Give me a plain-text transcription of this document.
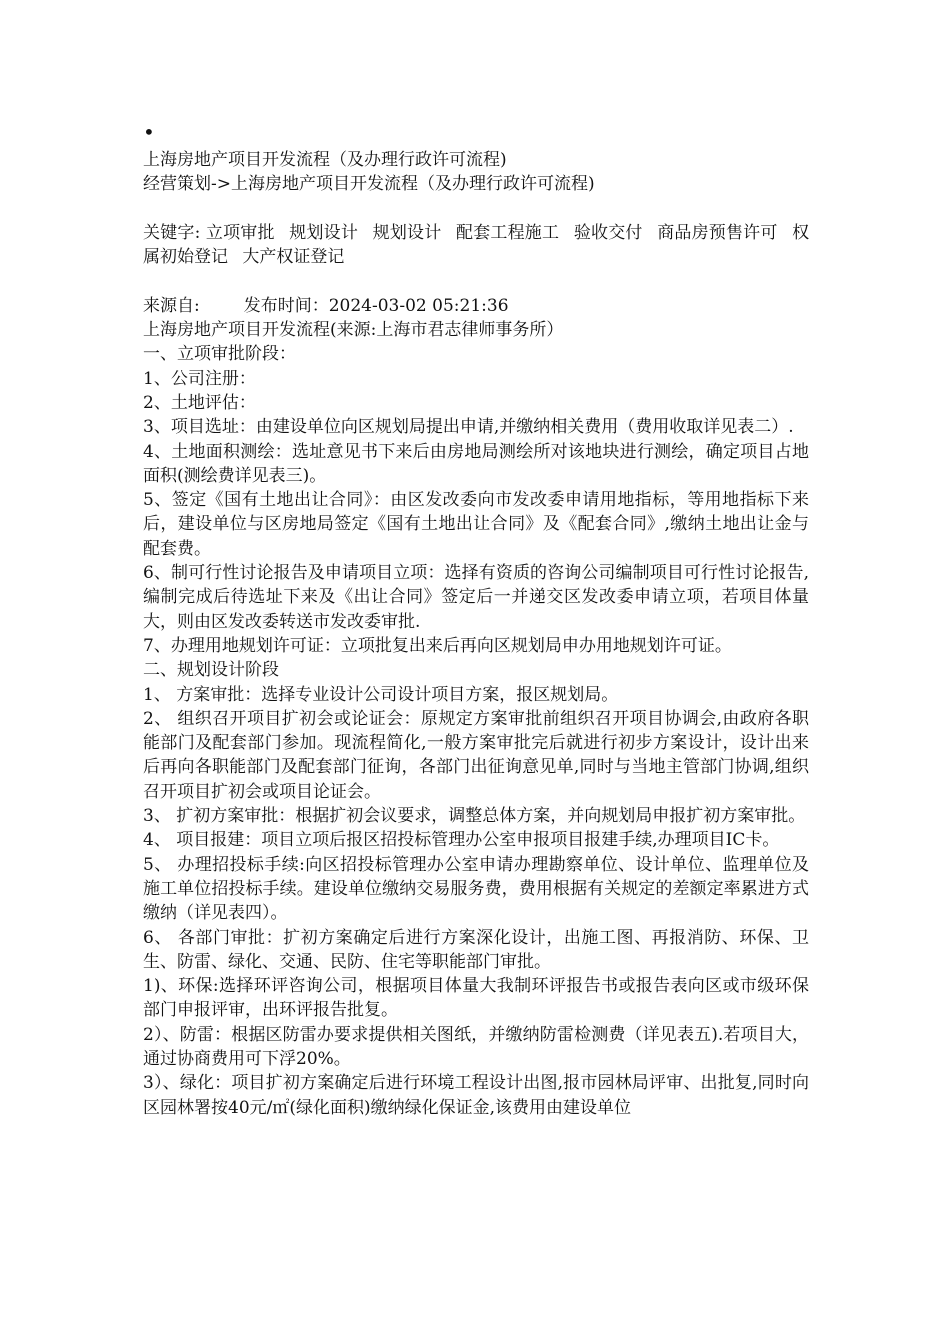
•
上海房地产项目开发流程（及办理行政许可流程)
经营策划->上海房地产项目开发流程（及办理行政许可流程)
关键字: 立项审批 规划设计 规划设计 配套工程施工 验收交付 商品房预售许可 权属初始登记 大产权证登记
来源自:	发布时间：2024-03-02 05:21:36
上海房地产项目开发流程(来源:上海市君志律师事务所）
一、立项审批阶段：
1、公司注册：
2、土地评估：
3、项目选址：由建设单位向区规划局提出申请,并缴纳相关费用（费用收取详见表二）.
4、土地面积测绘：选址意见书下来后由房地局测绘所对该地块进行测绘，确定项目占地面积(测绘费详见表三)。
5、签定《国有土地出让合同》：由区发改委向市发改委申请用地指标，等用地指标下来后，建设单位与区房地局签定《国有土地出让合同》及《配套合同》,缴纳土地出让金与配套费。
6、制可行性讨论报告及申请项目立项：选择有资质的咨询公司编制项目可行性讨论报告,编制完成后待选址下来及《出让合同》签定后一并递交区发改委申请立项，若项目体量大，则由区发改委转送市发改委审批.
7、办理用地规划许可证：立项批复出来后再向区规划局申办用地规划许可证。
二、规划设计阶段
1、 方案审批：选择专业设计公司设计项目方案，报区规划局。
2、 组织召开项目扩初会或论证会：原规定方案审批前组织召开项目协调会,由政府各职能部门及配套部门参加。现流程简化,一般方案审批完后就进行初步方案设计，设计出来后再向各职能部门及配套部门征询，各部门出征询意见单,同时与当地主管部门协调,组织召开项目扩初会或项目论证会。
3、 扩初方案审批：根据扩初会议要求，调整总体方案，并向规划局申报扩初方案审批。
4、 项目报建：项目立项后报区招投标管理办公室申报项目报建手续,办理项目IC卡。
5、 办理招投标手续:向区招投标管理办公室申请办理勘察单位、设计单位、监理单位及施工单位招投标手续。建设单位缴纳交易服务费，费用根据有关规定的差额定率累进方式缴纳（详见表四）。
6、 各部门审批：扩初方案确定后进行方案深化设计，出施工图、再报消防、环保、卫生、防雷、绿化、交通、民防、住宅等职能部门审批。
1)、环保:选择环评咨询公司，根据项目体量大我制环评报告书或报告表向区或市级环保部门申报评审，出环评报告批复。
2）、防雷：根据区防雷办要求提供相关图纸，并缴纳防雷检测费（详见表五).若项目大，通过协商费用可下浮20%。
3）、绿化：项目扩初方案确定后进行环境工程设计出图,报市园林局评审、出批复,同时向区园林署按40元/㎡(绿化面积)缴纳绿化保证金,该费用由建设单位
